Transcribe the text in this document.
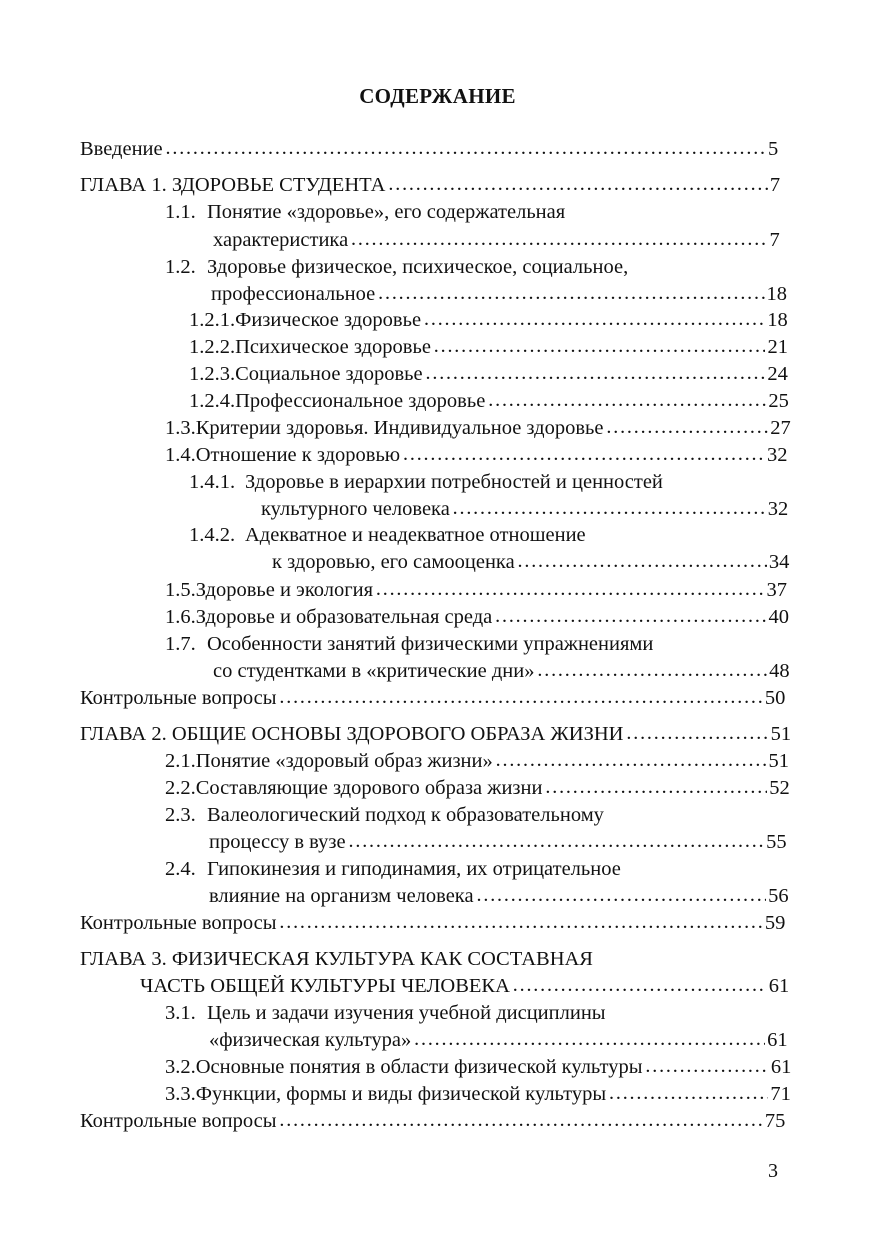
СОДЕРЖАНИЕ
Введение ………………………………………………………………………………………………………………………………………………………………	5
ГЛАВА 1. ЗДОРОВЬЕ СТУДЕНТА ………………………………………………………………………………………………………………………………………………………………	7
1.1. Понятие «здоровье», его содержательная
характеристика ………………………………………………………………………………………………………………………………………………………………	7
1.2. Здоровье физическое, психическое, социальное,
профессиональное ………………………………………………………………………………………………………………………………………………………………	18
1.2.1. Физическое здоровье ………………………………………………………………………………………………………………………………………………………………	18
1.2.2. Психическое здоровье ………………………………………………………………………………………………………………………………………………………………	21
1.2.3. Социальное здоровье ………………………………………………………………………………………………………………………………………………………………	24
1.2.4. Профессиональное здоровье ………………………………………………………………………………………………………………………………………………………………	25
1.3. Критерии здоровья. Индивидуальное здоровье ………………………………………………………………………………………………………………………………………………………………	27
1.4. Отношение к здоровью ………………………………………………………………………………………………………………………………………………………………	32
1.4.1. Здоровье в иерархии потребностей и ценностей
культурного человека ………………………………………………………………………………………………………………………………………………………………	32
1.4.2. Адекватное и неадекватное отношение
к здоровью, его самооценка ………………………………………………………………………………………………………………………………………………………………	34
1.5. Здоровье и экология ………………………………………………………………………………………………………………………………………………………………	37
1.6. Здоровье и образовательная среда ………………………………………………………………………………………………………………………………………………………………	40
1.7. Особенности занятий физическими упражнениями
со студентками в «критические дни» ………………………………………………………………………………………………………………………………………………………………	48
Контрольные вопросы ………………………………………………………………………………………………………………………………………………………………	50
ГЛАВА 2. ОБЩИЕ ОСНОВЫ ЗДОРОВОГО ОБРАЗА ЖИЗНИ ………………………………………………………………………………………………………………………………………………………………	51
2.1. Понятие «здоровый образ жизни» ………………………………………………………………………………………………………………………………………………………………	51
2.2. Составляющие здорового образа жизни ………………………………………………………………………………………………………………………………………………………………	52
2.3. Валеологический подход к образовательному
процессу в вузе ………………………………………………………………………………………………………………………………………………………………	55
2.4. Гипокинезия и гиподинамия, их отрицательное
влияние на организм человека ………………………………………………………………………………………………………………………………………………………………	56
Контрольные вопросы ………………………………………………………………………………………………………………………………………………………………	59
ГЛАВА 3. ФИЗИЧЕСКАЯ КУЛЬТУРА КАК СОСТАВНАЯ
ЧАСТЬ ОБЩЕЙ КУЛЬТУРЫ ЧЕЛОВЕКА ………………………………………………………………………………………………………………………………………………………………	61
3.1. Цель и задачи изучения учебной дисциплины
«физическая культура» ………………………………………………………………………………………………………………………………………………………………	61
3.2. Основные понятия в области физической культуры ………………………………………………………………………………………………………………………………………………………………	61
3.3. Функции, формы и виды физической культуры ………………………………………………………………………………………………………………………………………………………………	71
Контрольные вопросы ………………………………………………………………………………………………………………………………………………………………	75
3
